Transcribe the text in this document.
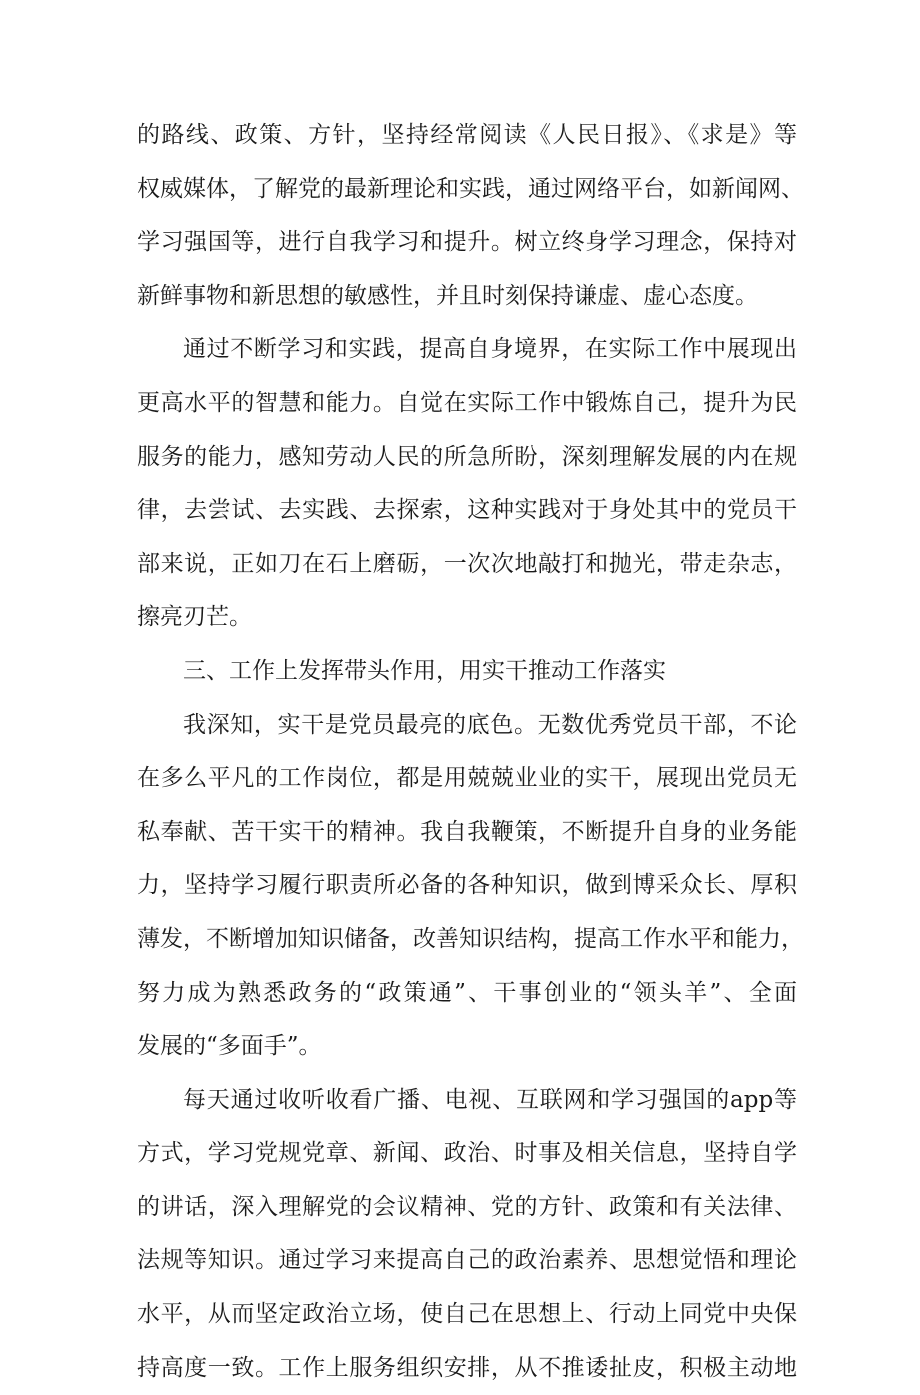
的路线、政策、方针，坚持经常阅读《人民日报》、《求是》等
权威媒体，了解党的最新理论和实践，通过网络平台，如新闻网、
学习强国等，进行自我学习和提升。树立终身学习理念，保持对
新鲜事物和新思想的敏感性，并且时刻保持谦虚、虚心态度。
通过不断学习和实践，提高自身境界，在实际工作中展现出
更高水平的智慧和能力。自觉在实际工作中锻炼自己，提升为民
服务的能力，感知劳动人民的所急所盼，深刻理解发展的内在规
律，去尝试、去实践、去探索，这种实践对于身处其中的党员干
部来说，正如刀在石上磨砺，一次次地敲打和抛光，带走杂志，
擦亮刃芒。
三、工作上发挥带头作用，用实干推动工作落实
我深知，实干是党员最亮的底色。无数优秀党员干部，不论
在多么平凡的工作岗位，都是用兢兢业业的实干，展现出党员无
私奉献、苦干实干的精神。我自我鞭策，不断提升自身的业务能
力，坚持学习履行职责所必备的各种知识，做到博采众长、厚积
薄发，不断增加知识储备，改善知识结构，提高工作水平和能力，
努力成为熟悉政务的“政策通”、干事创业的“领头羊”、全面
发展的“多面手”。
每天通过收听收看广播、电视、互联网和学习强国的app等
方式，学习党规党章、新闻、政治、时事及相关信息，坚持自学
的讲话，深入理解党的会议精神、党的方针、政策和有关法律、
法规等知识。通过学习来提高自己的政治素养、思想觉悟和理论
水平，从而坚定政治立场，使自己在思想上、行动上同党中央保
持高度一致。工作上服务组织安排，从不推诿扯皮，积极主动地
